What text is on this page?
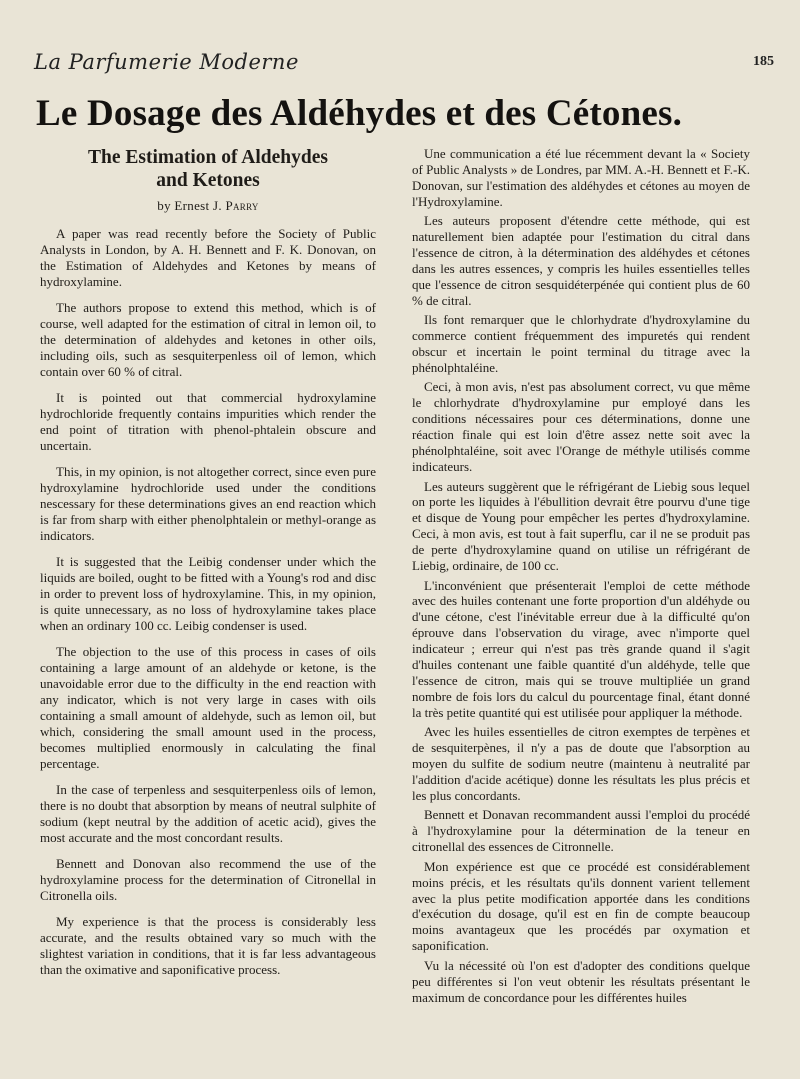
La Parfumerie Moderne	185
Le Dosage des Aldéhydes et des Cétones.
The Estimation of Aldehydes
and Ketones
by Ernest J. Parry

A paper was read recently before the Society of Public Analysts in London, by A. H. Bennett and F. K. Donovan, on the Estimation of Aldehydes and Ketones by means of hydroxylamine.

The authors propose to extend this method, which is of course, well adapted for the estimation of citral in lemon oil, to the determination of aldehydes and ketones in other oils, including oils, such as sesquiterpenless oil of lemon, which contain over 60 % of citral.

It is pointed out that commercial hydroxylamine hydrochloride frequently contains impurities which render the end point of titration with phenol-phtalein obscure and uncertain.

This, in my opinion, is not altogether correct, since even pure hydroxylamine hydrochloride used under the conditions nescessary for these determinations gives an end reaction which is far from sharp with either phenolphtalein or methyl-orange as indicators.

It is suggested that the Leibig condenser under which the liquids are boiled, ought to be fitted with a Young's rod and disc in order to prevent loss of hydroxylamine. This, in my opinion, is quite unnecessary, as no loss of hydroxylamine takes place when an ordinary 100 cc. Leibig condenser is used.

The objection to the use of this process in cases of oils containing a large amount of an aldehyde or ketone, is the unavoidable error due to the difficulty in the end reaction with any indicator, which is not very large in cases with oils containing a small amount of aldehyde, such as lemon oil, but which, considering the small amount used in the process, becomes multiplied enormously in calculating the final percentage.

In the case of terpenless and sesquiterpenless oils of lemon, there is no doubt that absorption by means of neutral sulphite of sodium (kept neutral by the addition of acetic acid), gives the most accurate and the most concordant results.

Bennett and Donovan also recommend the use of the hydroxylamine process for the determination of Citronellal in Citronella oils.

My experience is that the process is considerably less accurate, and the results obtained vary so much with the slightest variation in conditions, that it is far less advantageous than the oximative and saponificative process.

Une communication a été lue récemment devant la « Society of Public Analysts » de Londres, par MM. A.-H. Bennett et F.-K. Donovan, sur l'estimation des aldéhydes et cétones au moyen de l'Hydroxylamine.

Les auteurs proposent d'étendre cette méthode, qui est naturellement bien adaptée pour l'estimation du citral dans l'essence de citron, à la détermination des aldéhydes et cétones dans les autres essences, y compris les huiles essentielles telles que l'essence de citron sesquidéterpénée qui contient plus de 60 % de citral.

Ils font remarquer que le chlorhydrate d'hydroxylamine du commerce contient fréquemment des impuretés qui rendent obscur et incertain le point terminal du titrage avec la phénolphtaléine.

Ceci, à mon avis, n'est pas absolument correct, vu que même le chlorhydrate d'hydroxylamine pur employé dans les conditions nécessaires pour ces déterminations, donne une réaction finale qui est loin d'être assez nette soit avec la phénolphtaléine, soit avec l'Orange de méthyle utilisés comme indicateurs.

Les auteurs suggèrent que le réfrigérant de Liebig sous lequel on porte les liquides à l'ébullition devrait être pourvu d'une tige et disque de Young pour empêcher les pertes d'hydroxylamine. Ceci, à mon avis, est tout à fait superflu, car il ne se produit pas de perte d'hydroxylamine quand on utilise un réfrigérant de Liebig, ordinaire, de 100 cc.

L'inconvénient que présenterait l'emploi de cette méthode avec des huiles contenant une forte proportion d'un aldéhyde ou d'une cétone, c'est l'inévitable erreur due à la difficulté qu'on éprouve dans l'observation du virage, avec n'importe quel indicateur ; erreur qui n'est pas très grande quand il s'agit d'huiles contenant une faible quantité d'un aldéhyde, telle que l'essence de citron, mais qui se trouve multipliée un grand nombre de fois lors du calcul du pourcentage final, étant donné la très petite quantité qui est utilisée pour appliquer la méthode.

Avec les huiles essentielles de citron exemptes de terpènes et de sesquiterpènes, il n'y a pas de doute que l'absorption au moyen du sulfite de sodium neutre (maintenu à neutralité par l'addition d'acide acétique) donne les résultats les plus précis et les plus concordants.

Bennett et Donavan recommandent aussi l'emploi du procédé à l'hydroxylamine pour la détermination de la teneur en citronellal des essences de Citronnelle.

Mon expérience est que ce procédé est considérablement moins précis, et les résultats qu'ils donnent varient tellement avec la plus petite modification apportée dans les conditions d'exécution du dosage, qu'il est en fin de compte beaucoup moins avantageux que les procédés par oxymation et saponification.

Vu la nécessité où l'on est d'adopter des conditions quelque peu différentes si l'on veut obtenir les résultats présentant le maximum de concordance pour les différentes huiles
